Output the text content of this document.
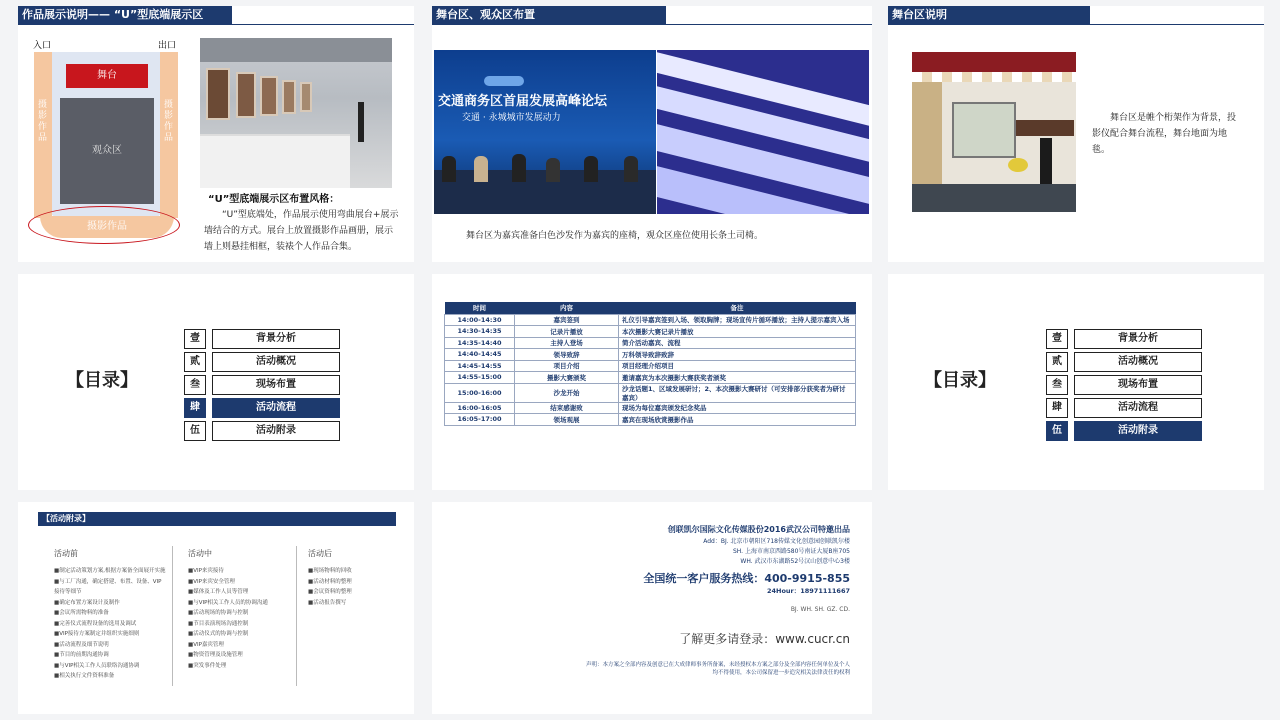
作品展示说明—— “U”型底端展示区
入口	出口
摄影作品
摄影作品
舞台
观众区
摄影作品
“U”型底端展示区布置风格：
“U”型底端处，作品展示使用弯曲展台+展示墙结合的方式。展台上放置摄影作品画册，展示墙上则悬挂相框，装裱个人作品合集。
舞台区、观众区布置
交通商务区首届发展高峰论坛
交通 · 永城城市发展动力
舞台区为嘉宾准备白色沙发作为嘉宾的座椅，观众区座位使用长条土司椅。
舞台区说明
舞台区是帷个桁架作为背景，投影仪配合舞台流程，舞台地面为地毯。
【目录】
壹	背景分析
贰	活动概况
叁	现场布置
肆	活动流程
伍	活动附录
时间	内容	备注
14:00-14:30	嘉宾签到	礼仪引导嘉宾签到入场、领取胸牌；现场宣传片循环播放；主持人提示嘉宾入场
14:30-14:35	记录片播放	本次摄影大赛记录片播放
14:35-14:40	主持人登场	简介活动嘉宾、流程
14:40-14:45	领导致辞	万科领导致辞致辞
14:45-14:55	项目介绍	项目经理介绍项目
14:55-15:00	摄影大赛颁奖	邀请嘉宾为本次摄影大赛获奖者颁奖
15:00-16:00	沙龙开始	沙龙话题1、区域发展研讨；2、本次摄影大赛研讨（可安排部分获奖者为研讨嘉宾）
16:00-16:05	结束感谢致	现场为每位嘉宾颁发纪念奖品
16:05-17:00	领场观展	嘉宾在现场欣赏摄影作品
【目录】
壹	背景分析
贰	活动概况
叁	现场布置
肆	活动流程
伍	活动附录
【活动附录】
活动前
■制定活动策划方案,根据方案备全面展开实施
■与工厂沟通，确定搭建、布置、设备、VIP接待等细节
■确定布置方案设计及制作
■会议所需物料的准备
■完善仪式流程设备的选用及调试
■VIP接待方案制定并组织实施细则
■活动流程及细节说明
■节目的前期沟通协调
■与VIP相关工作人员联络沟通协调
■相关执行文件资料准备
活动中
■VIP来宾接待
■VIP来宾安全管理
■媒体及工作人员等管理
■与VIP相关工作人员的协调沟通
■活动现场的协调与控制
■节目表演现场沟通控制
■活动仪式的协调与控制
■VIP嘉宾管理
■物资管理及设施管理
■突发事件处理
活动后
■现场物料的回收
■活动材料的整理
■会议资料的整理
■活动报告撰写
创联凯尔国际文化传媒股份2016武汉公司特邀出品
Add：BJ. 北京市朝阳区718传媒文化创意园创联凯尔楼
SH. 上海市南京西路580号南证大厦B座705
WH. 武汉市东湖路52号汉山创意中心3楼
全国统一客户服务热线：400-9915-855
24Hour：18971111667
BJ. WH. SH. GZ. CD.
了解更多请登录：www.cucr.cn
声明：本方案之全部内容及创意已在大成律师事务所备案，未经授权本方案之部分及全部内容任何单位及个人
均不得使用，本公司保留进一步追究相关法律责任的权利
